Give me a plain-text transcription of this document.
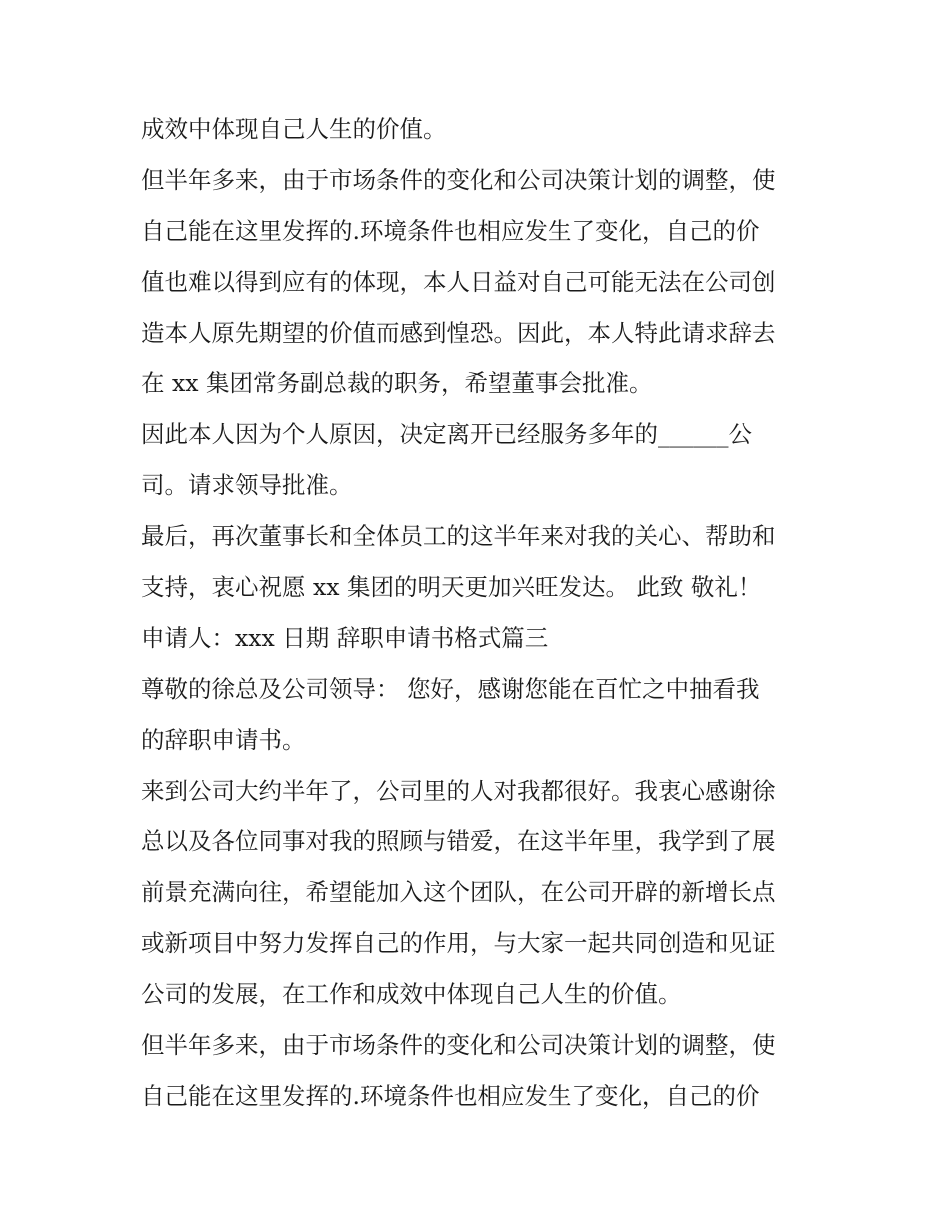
成效中体现自己人生的价值。
但半年多来，由于市场条件的变化和公司决策计划的调整，使
自己能在这里发挥的.环境条件也相应发生了变化，自己的价
值也难以得到应有的体现，本人日益对自己可能无法在公司创
造本人原先期望的价值而感到惶恐。因此，本人特此请求辞去
在 xx 集团常务副总裁的职务，希望董事会批准。
因此本人因为个人原因，决定离开已经服务多年的______公
司。请求领导批准。
最后，再次董事长和全体员工的这半年来对我的关心、帮助和
支持，衷心祝愿 xx 集团的明天更加兴旺发达。 此致 敬礼！
申请人：xxx 日期 辞职申请书格式篇三
尊敬的徐总及公司领导： 您好，感谢您能在百忙之中抽看我
的辞职申请书。
来到公司大约半年了，公司里的人对我都很好。我衷心感谢徐
总以及各位同事对我的照顾与错爱，在这半年里，我学到了展
前景充满向往，希望能加入这个团队，在公司开辟的新增长点
或新项目中努力发挥自己的作用，与大家一起共同创造和见证
公司的发展，在工作和成效中体现自己人生的价值。
但半年多来，由于市场条件的变化和公司决策计划的调整，使
自己能在这里发挥的.环境条件也相应发生了变化，自己的价
